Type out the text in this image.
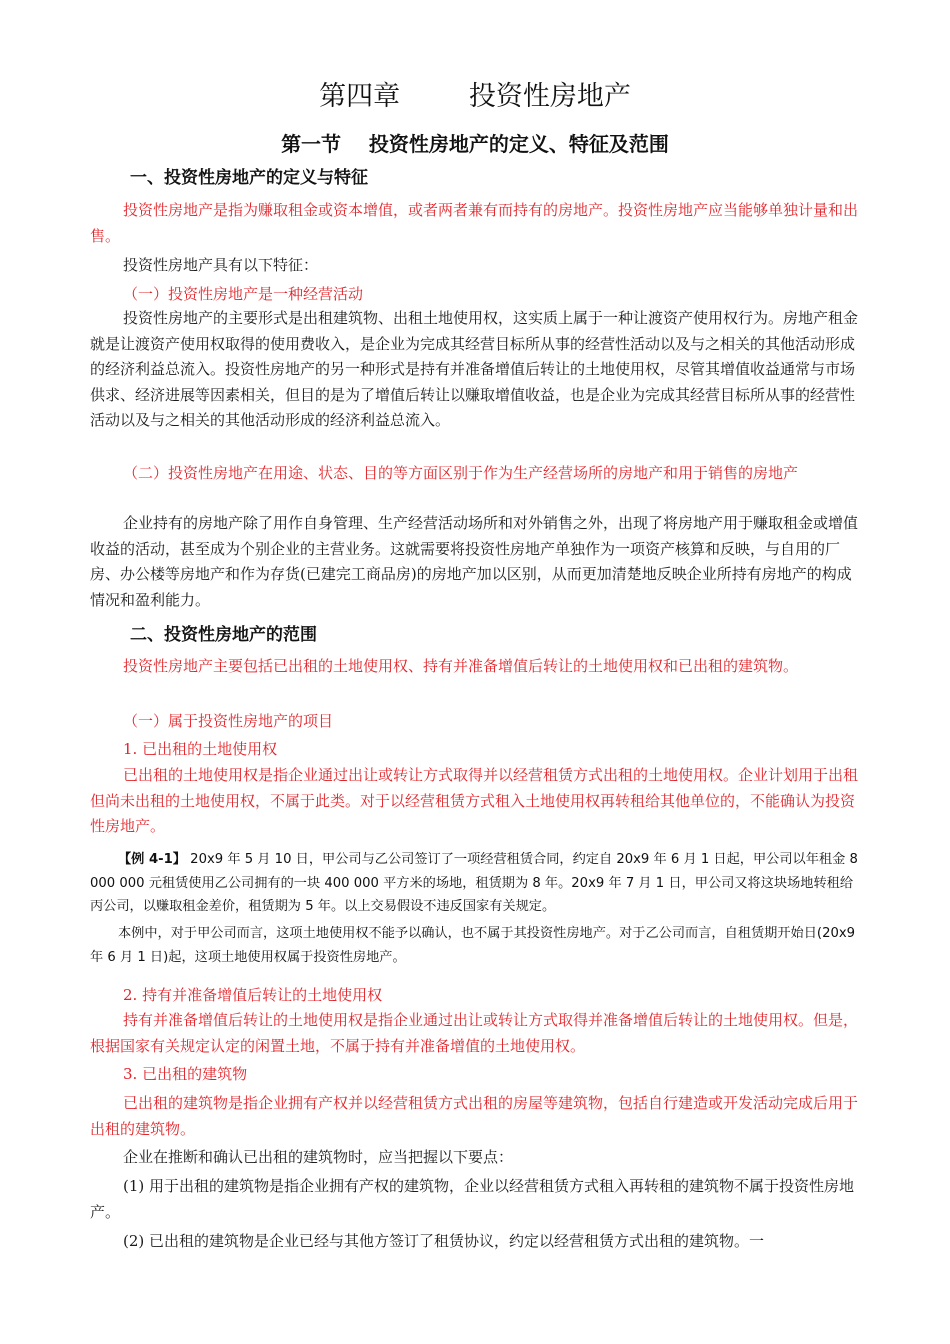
第四章        投资性房地产
第一节    投资性房地产的定义、特征及范围
一、投资性房地产的定义与特征

投资性房地产是指为赚取租金或资本增值，或者两者兼有而持有的房地产。投资性房地产应当能够单独计量和出售。

投资性房地产具有以下特征：

（一）投资性房地产是一种经营活动

投资性房地产的主要形式是出租建筑物、出租土地使用权，这实质上属于一种让渡资产使用权行为。房地产租金就是让渡资产使用权取得的使用费收入，是企业为完成其经营目标所从事的经营性活动以及与之相关的其他活动形成的经济利益总流入。投资性房地产的另一种形式是持有并准备增值后转让的土地使用权，尽管其增值收益通常与市场供求、经济进展等因素相关，但目的是为了增值后转让以赚取增值收益，也是企业为完成其经营目标所从事的经营性活动以及与之相关的其他活动形成的经济利益总流入。

（二）投资性房地产在用途、状态、目的等方面区别于作为生产经营场所的房地产和用于销售的房地产

企业持有的房地产除了用作自身管理、生产经营活动场所和对外销售之外，出现了将房地产用于赚取租金或增值收益的活动，甚至成为个别企业的主营业务。这就需要将投资性房地产单独作为一项资产核算和反映，与自用的厂房、办公楼等房地产和作为存货(已建完工商品房)的房地产加以区别，从而更加清楚地反映企业所持有房地产的构成情况和盈利能力。

二、投资性房地产的范围

投资性房地产主要包括已出租的土地使用权、持有并准备增值后转让的土地使用权和已出租的建筑物。

（一）属于投资性房地产的项目

1. 已出租的土地使用权

已出租的土地使用权是指企业通过出让或转让方式取得并以经营租赁方式出租的土地使用权。企业计划用于出租但尚未出租的土地使用权，不属于此类。对于以经营租赁方式租入土地使用权再转租给其他单位的，不能确认为投资性房地产。

【例 4-1】 20x9 年 5 月 10 日，甲公司与乙公司签订了一项经营租赁合同，约定自 20x9 年 6 月 1 日起，甲公司以年租金 8 000 000 元租赁使用乙公司拥有的一块 400 000 平方米的场地，租赁期为 8 年。20x9 年 7 月 1 日，甲公司又将这块场地转租给丙公司，以赚取租金差价，租赁期为 5 年。以上交易假设不违反国家有关规定。

本例中，对于甲公司而言，这项土地使用权不能予以确认，也不属于其投资性房地产。对于乙公司而言，自租赁期开始日(20x9 年 6 月 1 日)起，这项土地使用权属于投资性房地产。

2. 持有并准备增值后转让的土地使用权

持有并准备增值后转让的土地使用权是指企业通过出让或转让方式取得并准备增值后转让的土地使用权。但是，根据国家有关规定认定的闲置土地，不属于持有并准备增值的土地使用权。

3. 已出租的建筑物

已出租的建筑物是指企业拥有产权并以经营租赁方式出租的房屋等建筑物，包括自行建造或开发活动完成后用于出租的建筑物。

企业在推断和确认已出租的建筑物时，应当把握以下要点：

(1) 用于出租的建筑物是指企业拥有产权的建筑物，企业以经营租赁方式租入再转租的建筑物不属于投资性房地产。

(2) 已出租的建筑物是企业已经与其他方签订了租赁协议，约定以经营租赁方式出租的建筑物。一
